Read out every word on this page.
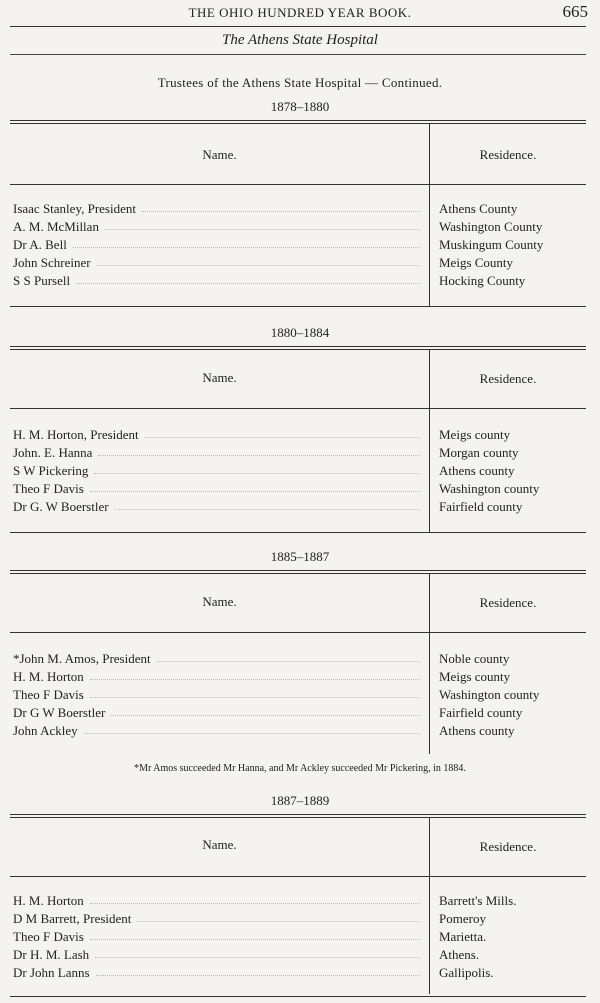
THE OHIO HUNDRED YEAR BOOK.	665
The Athens State Hospital
Trustees of the Athens State Hospital — Continued.
1878–1880
Name.	Residence.
Isaac Stanley, President	Athens County
A. M. McMillan	Washington County
Dr A. Bell	Muskingum County
John Schreiner	Meigs County
S S Pursell	Hocking County
1880–1884
Name.	Residence.
H. M. Horton, President	Meigs county
John. E. Hanna	Morgan county
S W Pickering	Athens county
Theo F Davis	Washington county
Dr G. W Boerstler	Fairfield county
1885–1887
Name.	Residence.
*John M. Amos, President	Noble county
H. M. Horton	Meigs county
Theo F Davis	Washington county
Dr G W Boerstler	Fairfield county
John Ackley	Athens county
*Mr Amos succeeded Mr Hanna, and Mr Ackley succeeded Mr Pickering, in 1884.
1887–1889
Name.	Residence.
H. M. Horton	Barrett's Mills.
D M Barrett, President	Pomeroy
Theo F Davis	Marietta.
Dr H. M. Lash	Athens.
Dr John Lanns	Gallipolis.
